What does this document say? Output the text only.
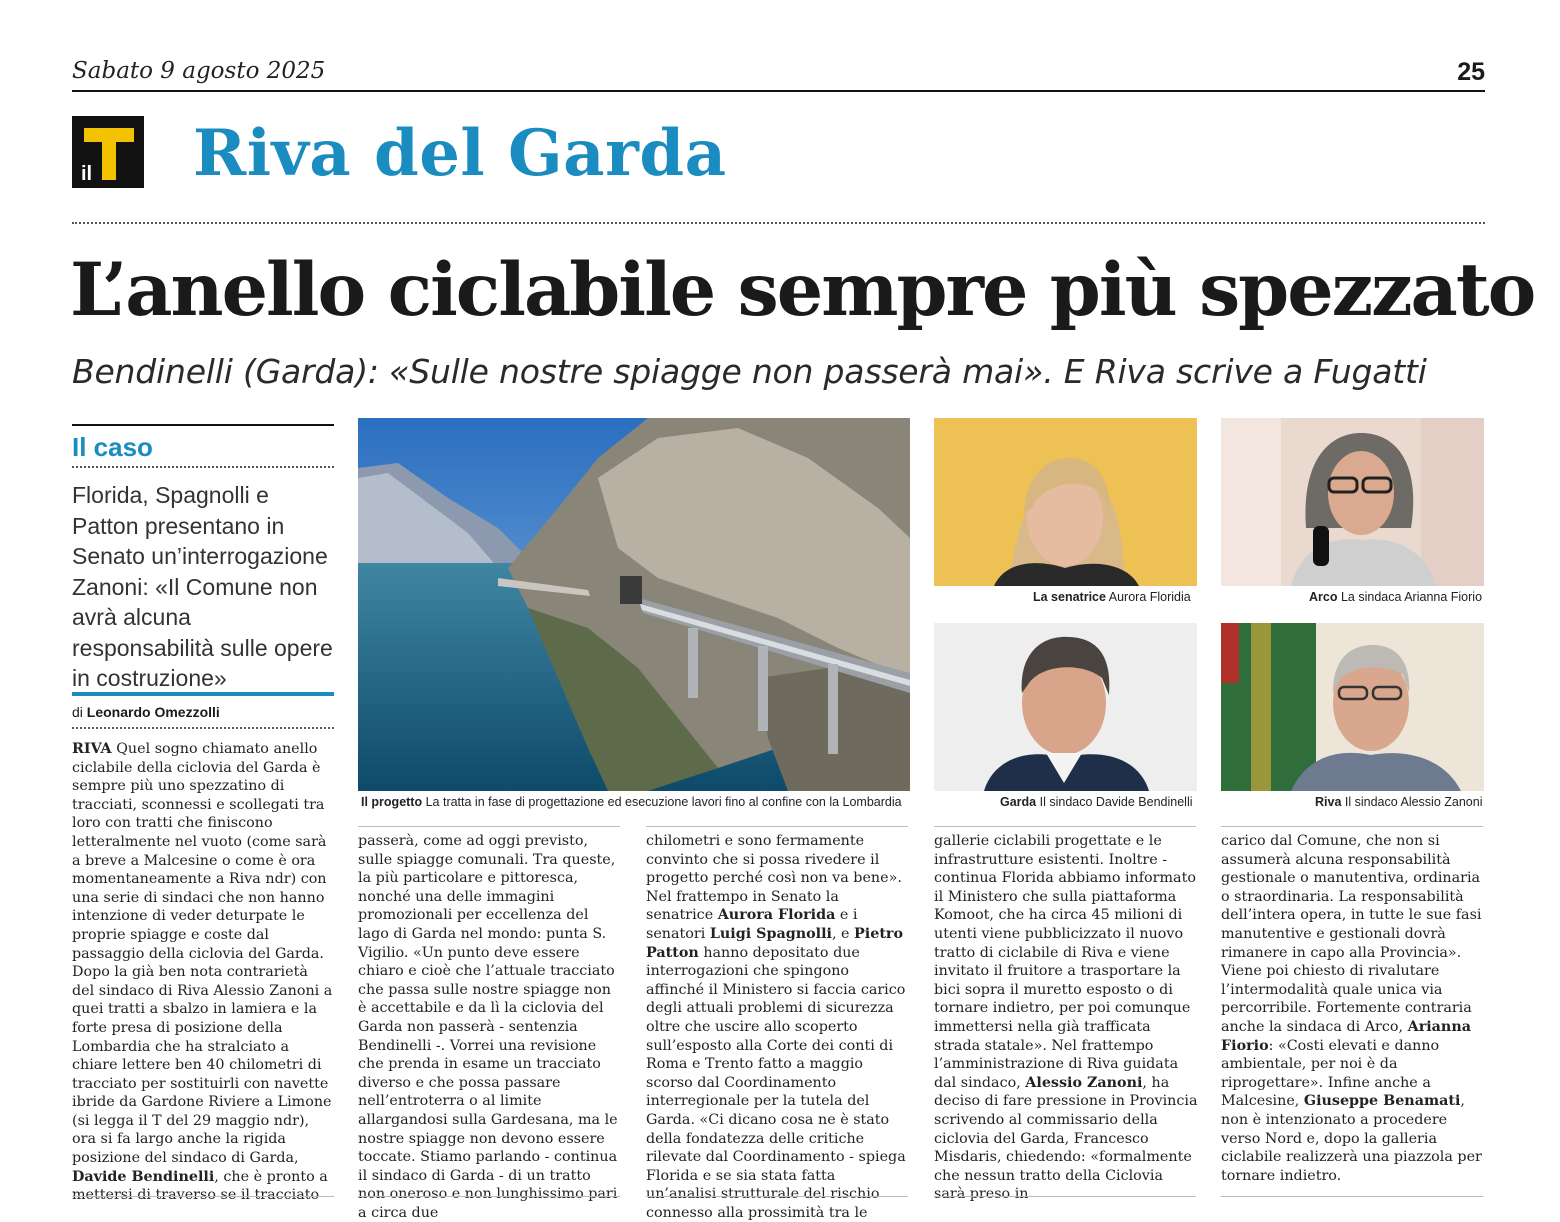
Sabato 9 agosto 2025	25
il Riva del Garda
L’anello ciclabile sempre più spezzato
Bendinelli (Garda): «Sulle nostre spiagge non passerà mai». E Riva scrive a Fugatti
Il caso
Florida, Spagnolli e Patton presentano in Senato un’interrogazione Zanoni: «Il Comune non avrà alcuna responsabilità sulle opere in costruzione»
di Leonardo Omezzolli
RIVA Quel sogno chiamato anello ciclabile della ciclovia del Garda è sempre più uno spezzatino di tracciati, sconnessi e scollegati tra loro con tratti che finiscono letteralmente nel vuoto (come sarà a breve a Malcesine o come è ora momentaneamente a Riva ndr) con una serie di sindaci che non hanno intenzione di veder deturpate le proprie spiagge e coste dal passaggio della ciclovia del Garda. Dopo la già ben nota contrarietà del sindaco di Riva Alessio Zanoni a quei tratti a sbalzo in lamiera e la forte presa di posizione della Lombardia che ha stralciato a chiare lettere ben 40 chilometri di tracciato per sostituirli con navette ibride da Gardone Riviere a Limone (si legga il T del 29 maggio ndr), ora si fa largo anche la rigida posizione del sindaco di Garda, Davide Bendinelli, che è pronto a mettersi di traverso se il tracciato
Il progetto La tratta in fase di progettazione ed esecuzione lavori fino al confine con la Lombardia
La senatrice Aurora Floridia	Arco La sindaca Arianna Fiorio
Garda Il sindaco Davide Bendinelli	Riva Il sindaco Alessio Zanoni
passerà, come ad oggi previsto, sulle spiagge comunali. Tra queste, la più particolare e pittoresca, nonché una delle immagini promozionali per eccellenza del lago di Garda nel mondo: punta S. Vigilio. «Un punto deve essere chiaro e cioè che l’attuale tracciato che passa sulle nostre spiagge non è accettabile e da lì la ciclovia del Garda non passerà - sentenzia Bendinelli -. Vorrei una revisione che prenda in esame un tracciato diverso e che possa passare nell’entroterra o al limite allargandosi sulla Gardesana, ma le nostre spiagge non devono essere toccate. Stiamo parlando - continua il sindaco di Garda - di un tratto non oneroso e non lunghissimo pari a circa due
chilometri e sono fermamente convinto che si possa rivedere il progetto perché così non va bene». Nel frattempo in Senato la senatrice Aurora Florida e i senatori Luigi Spagnolli, e Pietro Patton hanno depositato due interrogazioni che spingono affinché il Ministero si faccia carico degli attuali problemi di sicurezza oltre che uscire allo scoperto sull’esposto alla Corte dei conti di Roma e Trento fatto a maggio scorso dal Coordinamento interregionale per la tutela del Garda. «Ci dicano cosa ne è stato della fondatezza delle critiche rilevate dal Coordinamento - spiega Florida e se sia stata fatta un’analisi strutturale del rischio connesso alla prossimità tra le
gallerie ciclabili progettate e le infrastrutture esistenti. Inoltre - continua Florida abbiamo informato il Ministero che sulla piattaforma Komoot, che ha circa 45 milioni di utenti viene pubblicizzato il nuovo tratto di ciclabile di Riva e viene invitato il fruitore a trasportare la bici sopra il muretto esposto o di tornare indietro, per poi comunque immettersi nella già trafficata strada statale». Nel frattempo l’amministrazione di Riva guidata dal sindaco, Alessio Zanoni, ha deciso di fare pressione in Provincia scrivendo al commissario della ciclovia del Garda, Francesco Misdaris, chiedendo: «formalmente che nessun tratto della Ciclovia sarà preso in
carico dal Comune, che non si assumerà alcuna responsabilità gestionale o manutentiva, ordinaria o straordinaria. La responsabilità dell’intera opera, in tutte le sue fasi manutentive e gestionali dovrà rimanere in capo alla Provincia». Viene poi chiesto di rivalutare l’intermodalità quale unica via percorribile. Fortemente contraria anche la sindaca di Arco, Arianna Fiorio: «Costi elevati e danno ambientale, per noi è da riprogettare». Infine anche a Malcesine, Giuseppe Benamati, non è intenzionato a procedere verso Nord e, dopo la galleria ciclabile realizzerà una piazzola per tornare indietro.
